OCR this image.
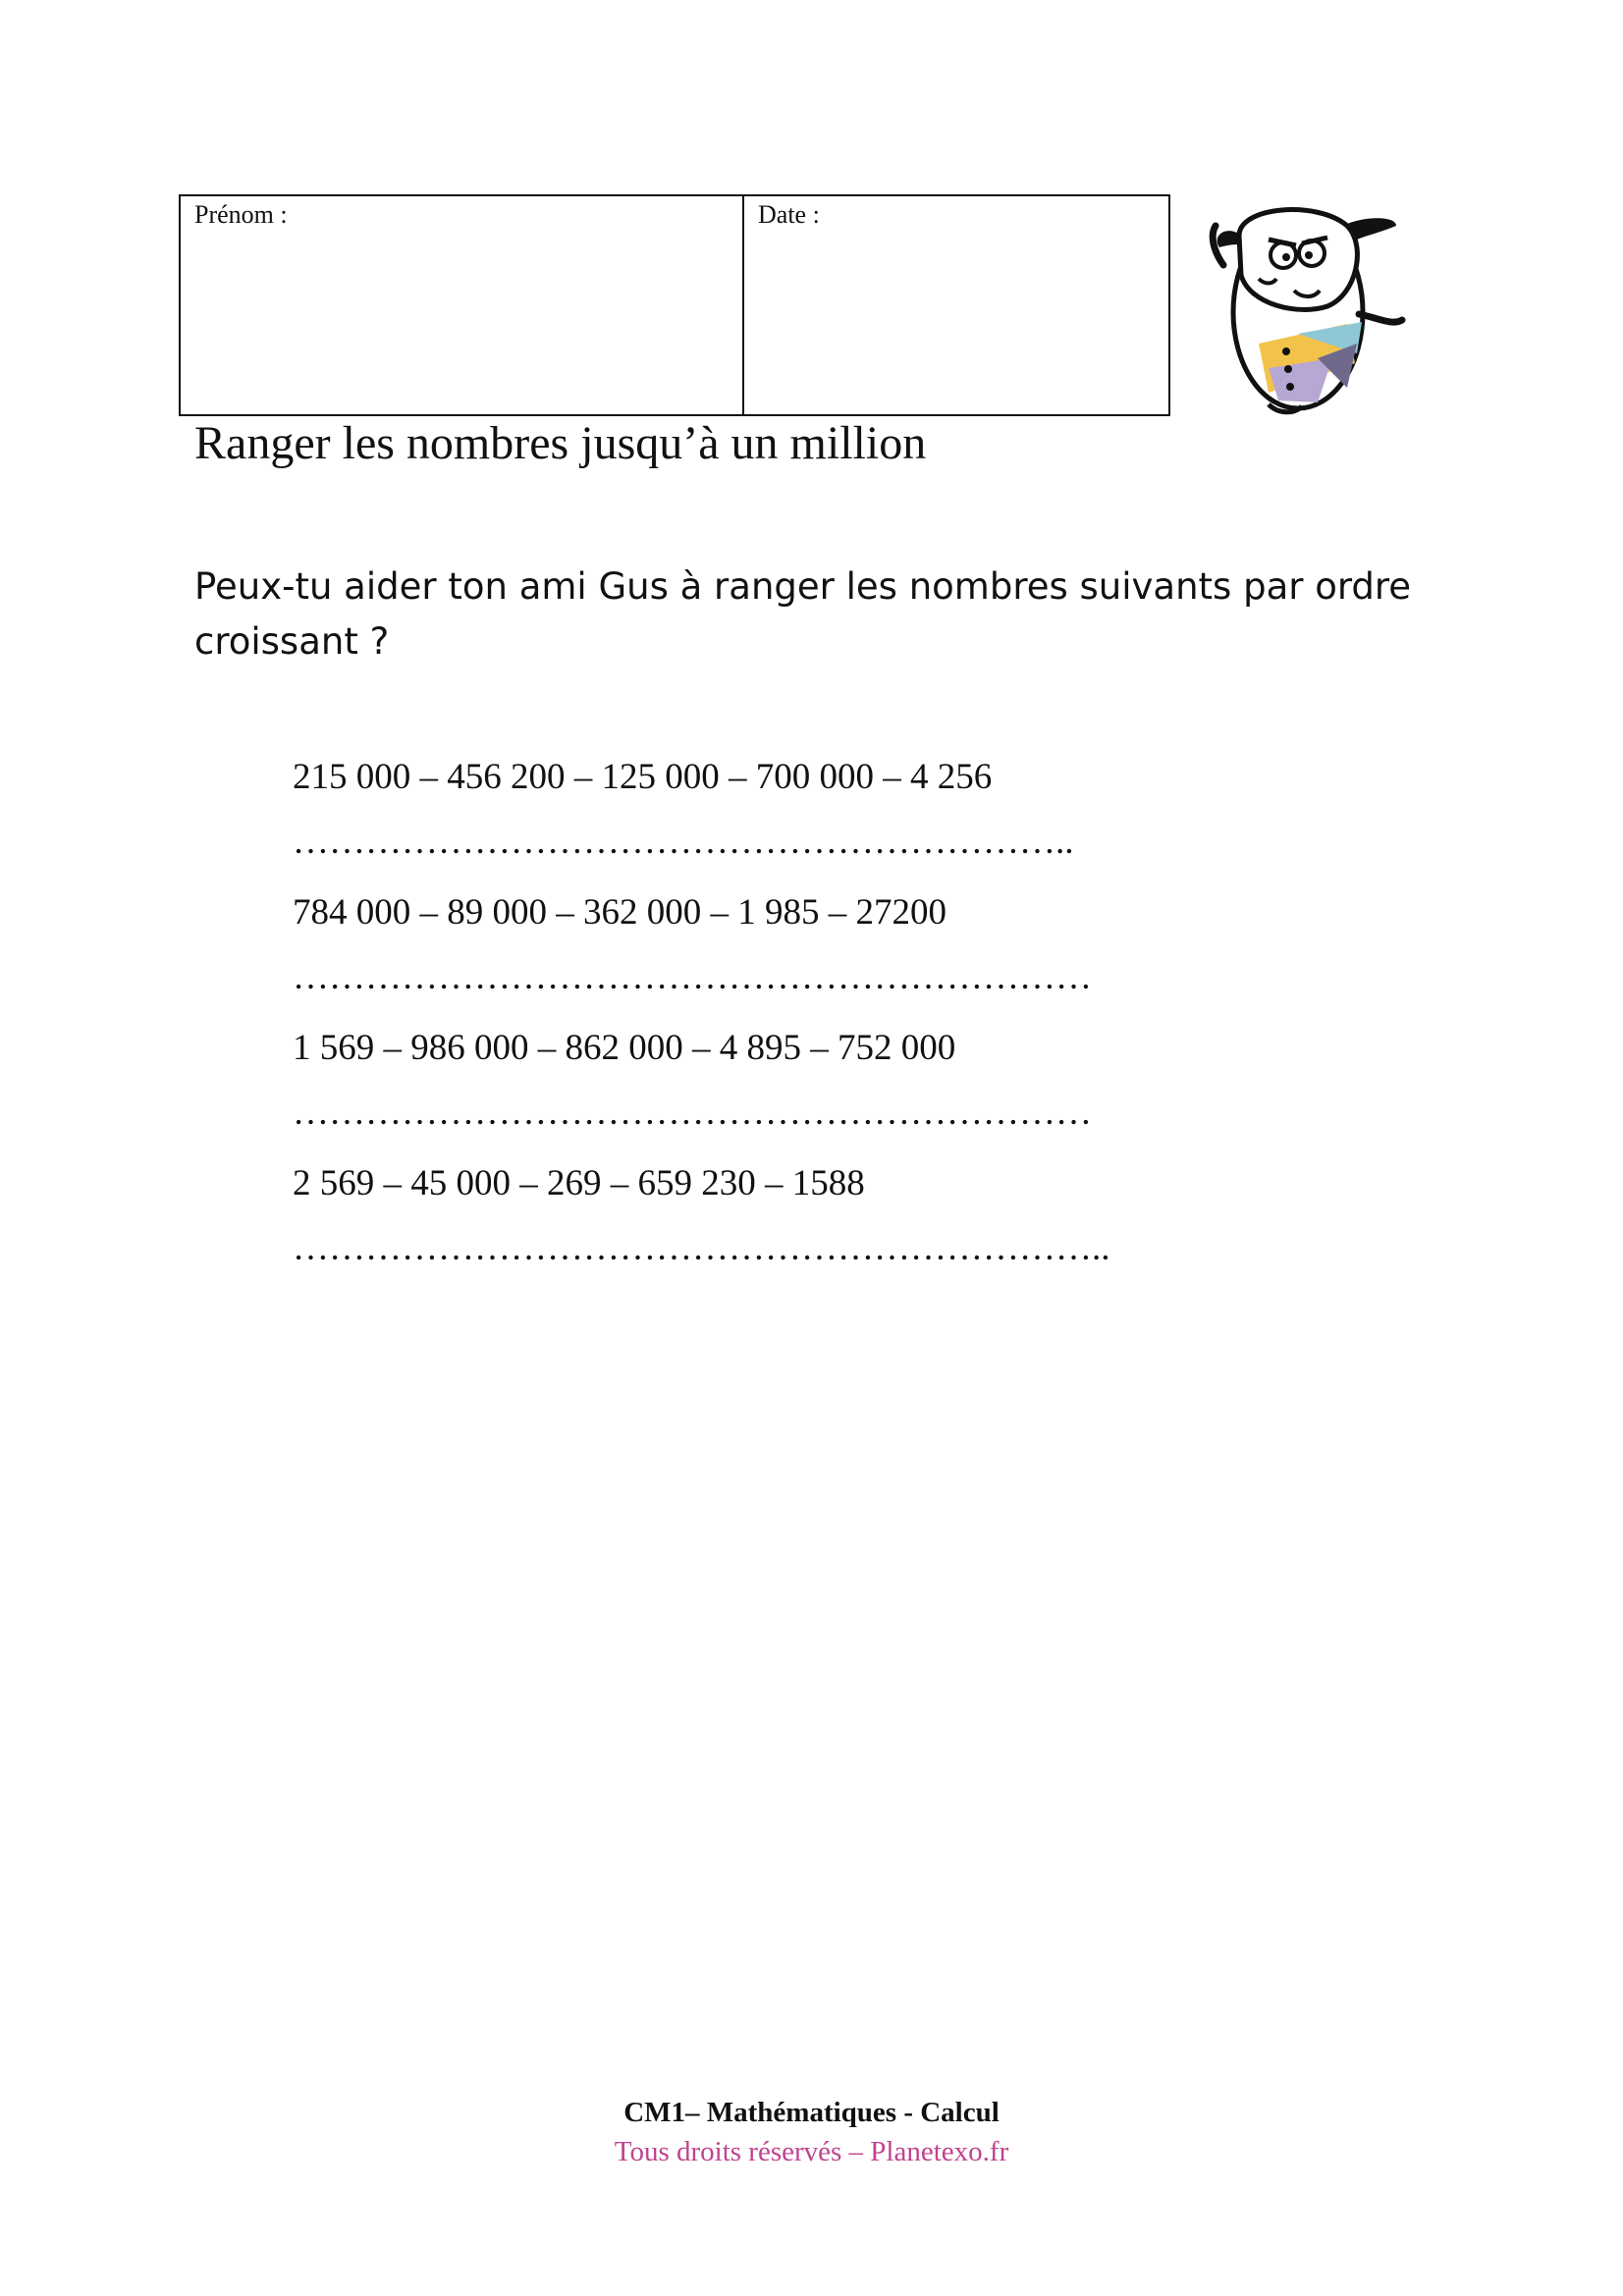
Prénom :	Date :
Ranger les nombres jusqu’à un million

Peux-tu aider ton ami Gus à ranger les nombres suivants par ordre croissant ?

215 000 – 456 200 – 125 000 – 700 000 – 4 256
………………………………………………………..
784 000 – 89 000 – 362 000 – 1 985 – 27200
…………………………………………………………
1 569 – 986 000 – 862 000 – 4 895 – 752 000
…………………………………………………………
2 569 – 45 000 – 269 – 659 230 – 1588
…………………………………………………………..
CM1– Mathématiques - Calcul
Tous droits réservés – Planetexo.fr
